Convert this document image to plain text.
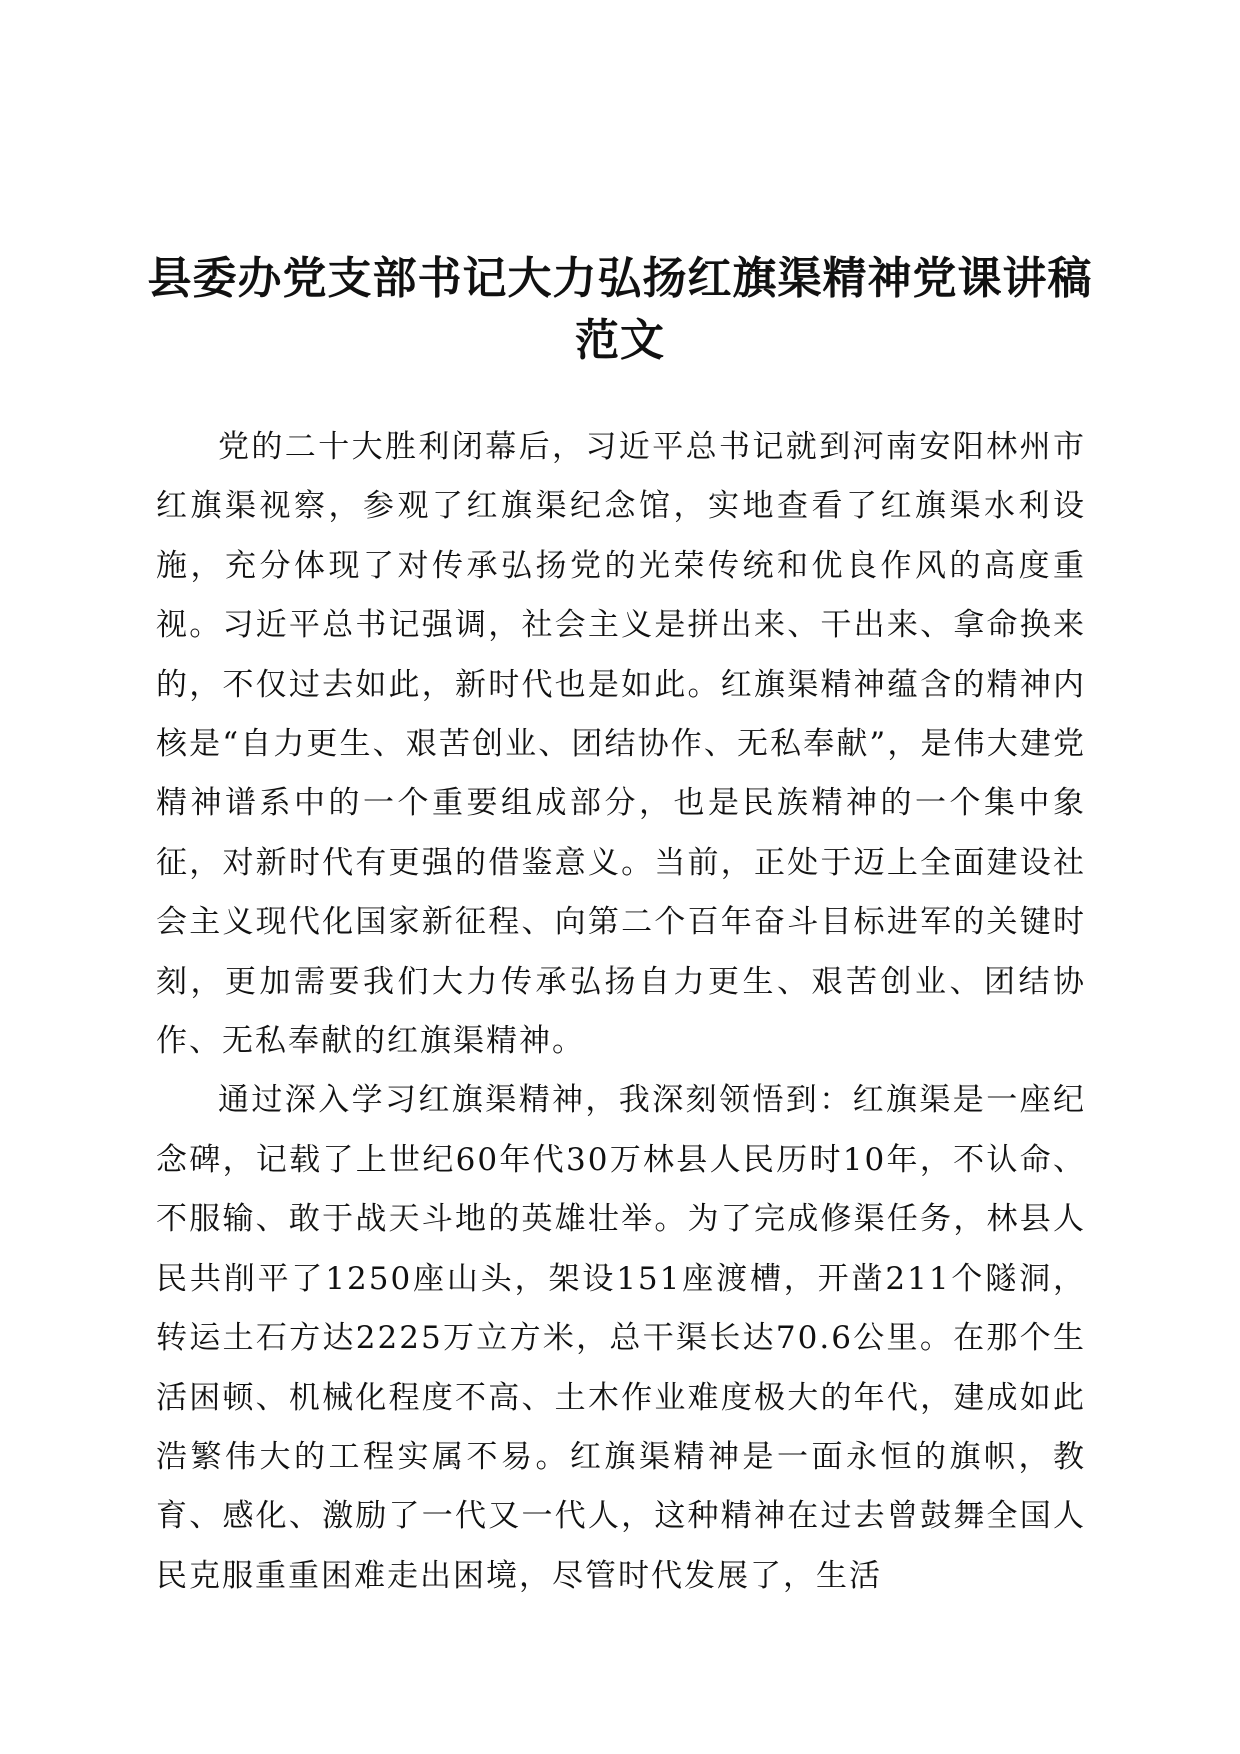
县委办党支部书记大力弘扬红旗渠精神党课讲稿范文

党的二十大胜利闭幕后，习近平总书记就到河南安阳林州市红旗渠视察，参观了红旗渠纪念馆，实地查看了红旗渠水利设施，充分体现了对传承弘扬党的光荣传统和优良作风的高度重视。习近平总书记强调，社会主义是拼出来、干出来、拿命换来的，不仅过去如此，新时代也是如此。红旗渠精神蕴含的精神内核是“自力更生、艰苦创业、团结协作、无私奉献”，是伟大建党精神谱系中的一个重要组成部分，也是民族精神的一个集中象征，对新时代有更强的借鉴意义。当前，正处于迈上全面建设社会主义现代化国家新征程、向第二个百年奋斗目标进军的关键时刻，更加需要我们大力传承弘扬自力更生、艰苦创业、团结协作、无私奉献的红旗渠精神。

通过深入学习红旗渠精神，我深刻领悟到：红旗渠是一座纪念碑，记载了上世纪60年代30万林县人民历时10年，不认命、不服输、敢于战天斗地的英雄壮举。为了完成修渠任务，林县人民共削平了1250座山头，架设151座渡槽，开凿211个隧洞，转运土石方达2225万立方米，总干渠长达70.6公里。在那个生活困顿、机械化程度不高、土木作业难度极大的年代，建成如此浩繁伟大的工程实属不易。红旗渠精神是一面永恒的旗帜，教育、感化、激励了一代又一代人，这种精神在过去曾鼓舞全国人民克服重重困难走出困境，尽管时代发展了，生活
